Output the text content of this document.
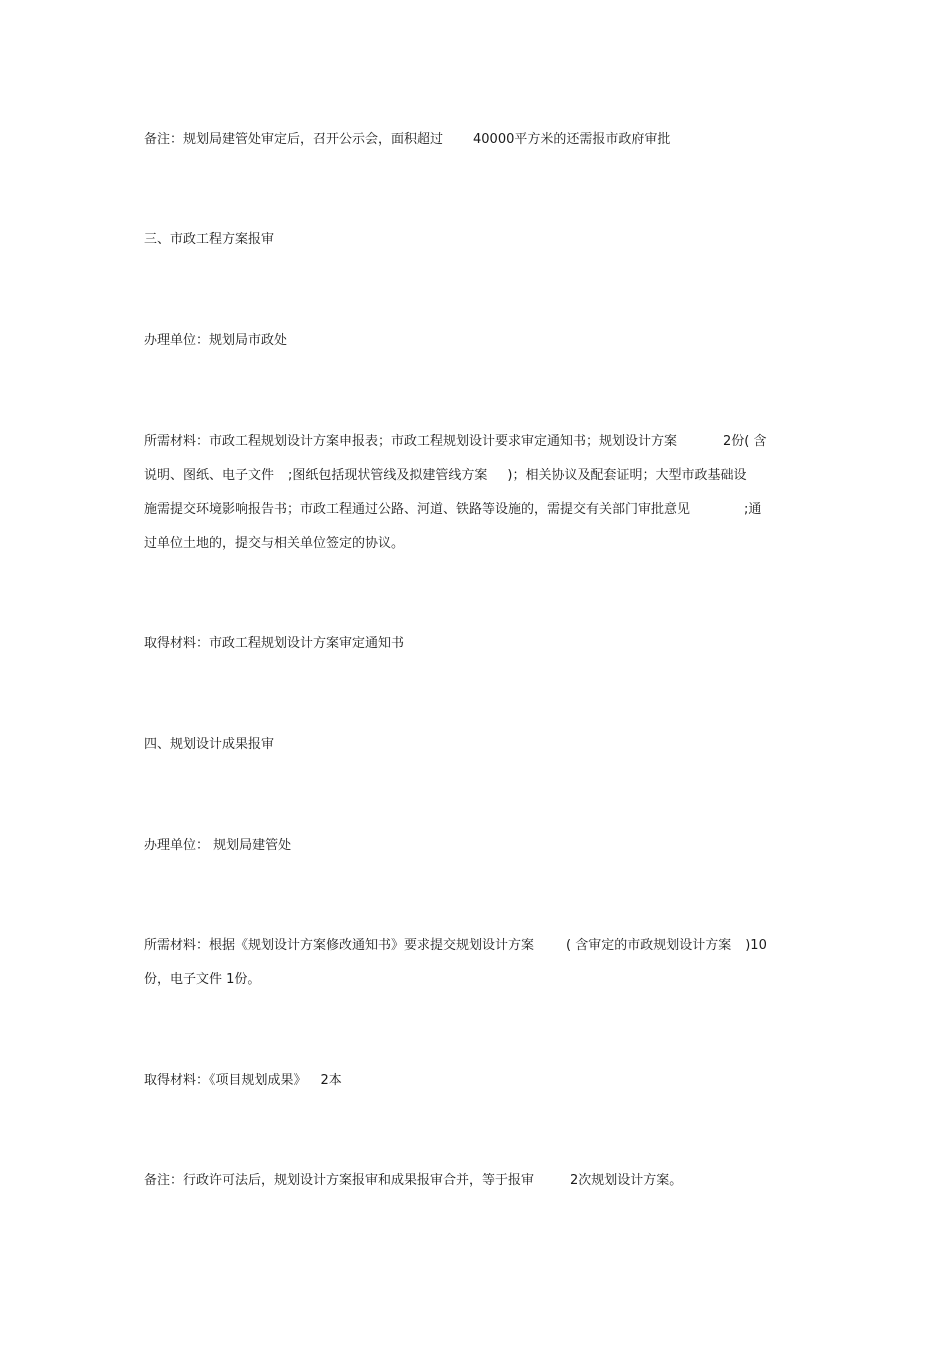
备注：规划局建管处审定后，召开公示会，面积超过 40000平方米的还需报市政府审批

三、市政工程方案报审

办理单位：规划局市政处

所需材料：市政工程规划设计方案申报表；市政工程规划设计要求审定通知书；规划设计方案	2份( 含
说明、图纸、电子文件 ;图纸包括现状管线及拟建管线方案 )；相关协议及配套证明；大型市政基础设
施需提交环境影响报告书；市政工程通过公路、河道、铁路等设施的，需提交有关部门审批意见	;通
过单位土地的，提交与相关单位签定的协议。

取得材料：市政工程规划设计方案审定通知书

四、规划设计成果报审

办理单位： 规划局建管处

所需材料：根据《规划设计方案修改通知书》要求提交规划设计方案 ( 含审定的市政规划设计方案 )10
份，电子文件 1份。

取得材料：《项目规划成果》 2本

备注：行政许可法后，规划设计方案报审和成果报审合并，等于报审	2次规划设计方案。
